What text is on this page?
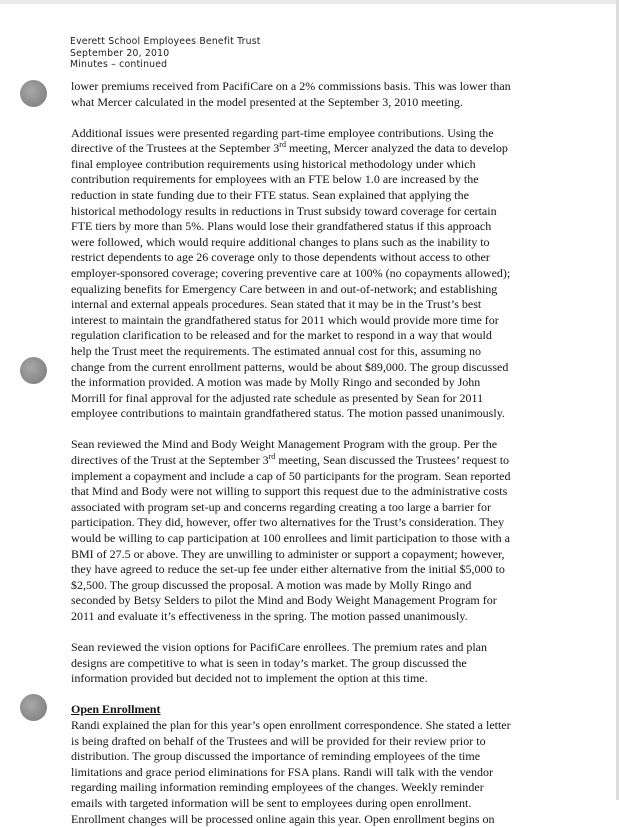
Everett School Employees Benefit Trust
September 20, 2010
Minutes – continued
lower premiums received from PacifiCare on a 2% commissions basis. This was lower than
what Mercer calculated in the model presented at the September 3, 2010 meeting.
Additional issues were presented regarding part-time employee contributions. Using the
directive of the Trustees at the September 3rd meeting, Mercer analyzed the data to develop
final employee contribution requirements using historical methodology under which
contribution requirements for employees with an FTE below 1.0 are increased by the
reduction in state funding due to their FTE status. Sean explained that applying the
historical methodology results in reductions in Trust subsidy toward coverage for certain
FTE tiers by more than 5%. Plans would lose their grandfathered status if this approach
were followed, which would require additional changes to plans such as the inability to
restrict dependents to age 26 coverage only to those dependents without access to other
employer-sponsored coverage; covering preventive care at 100% (no copayments allowed);
equalizing benefits for Emergency Care between in and out-of-network; and establishing
internal and external appeals procedures. Sean stated that it may be in the Trust’s best
interest to maintain the grandfathered status for 2011 which would provide more time for
regulation clarification to be released and for the market to respond in a way that would
help the Trust meet the requirements. The estimated annual cost for this, assuming no
change from the current enrollment patterns, would be about $89,000. The group discussed
the information provided. A motion was made by Molly Ringo and seconded by John
Morrill for final approval for the adjusted rate schedule as presented by Sean for 2011
employee contributions to maintain grandfathered status. The motion passed unanimously.
Sean reviewed the Mind and Body Weight Management Program with the group. Per the
directives of the Trust at the September 3rd meeting, Sean discussed the Trustees’ request to
implement a copayment and include a cap of 50 participants for the program. Sean reported
that Mind and Body were not willing to support this request due to the administrative costs
associated with program set-up and concerns regarding creating a too large a barrier for
participation. They did, however, offer two alternatives for the Trust’s consideration. They
would be willing to cap participation at 100 enrollees and limit participation to those with a
BMI of 27.5 or above. They are unwilling to administer or support a copayment; however,
they have agreed to reduce the set-up fee under either alternative from the initial $5,000 to
$2,500. The group discussed the proposal. A motion was made by Molly Ringo and
seconded by Betsy Selders to pilot the Mind and Body Weight Management Program for
2011 and evaluate it’s effectiveness in the spring. The motion passed unanimously.
Sean reviewed the vision options for PacifiCare enrollees. The premium rates and plan
designs are competitive to what is seen in today’s market. The group discussed the
information provided but decided not to implement the option at this time.

Open Enrollment

Randi explained the plan for this year’s open enrollment correspondence. She stated a letter
is being drafted on behalf of the Trustees and will be provided for their review prior to
distribution. The group discussed the importance of reminding employees of the time
limitations and grace period eliminations for FSA plans. Randi will talk with the vendor
regarding mailing information reminding employees of the changes. Weekly reminder
emails with targeted information will be sent to employees during open enrollment.
Enrollment changes will be processed online again this year. Open enrollment begins on
